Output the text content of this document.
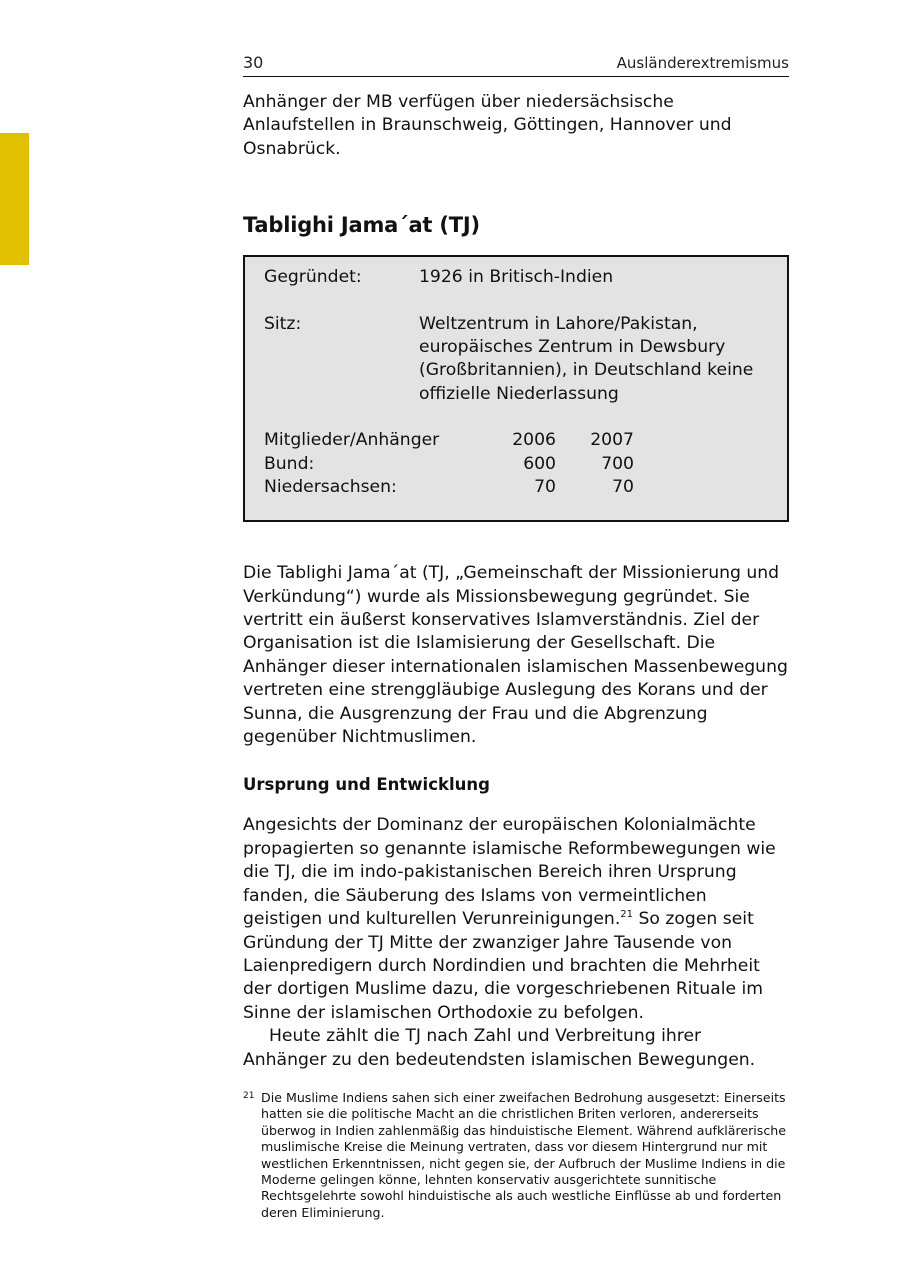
30	Ausländerextremismus

Anhänger der MB verfügen über niedersächsische Anlaufstellen in Braunschweig, Göttingen, Hannover und Osnabrück.

Tablighi Jama´at (TJ)
Gegründet:	1926 in Britisch-Indien
Sitz:	Weltzentrum in Lahore/Pakistan, europäisches Zentrum in Dewsbury (Großbritannien), in Deutschland keine offizielle Niederlassung
Mitglieder/Anhänger	2006	2007
Bund:	600	700
Niedersachsen:	70	70

Die Tablighi Jama´at (TJ, „Gemeinschaft der Missionierung und Verkündung“) wurde als Missionsbewegung gegründet. Sie vertritt ein äußerst konservatives Islamverständnis. Ziel der Organisation ist die Islamisierung der Gesellschaft. Die Anhänger dieser internationalen islamischen Massenbewegung vertreten eine strenggläubige Auslegung des Korans und der Sunna, die Ausgrenzung der Frau und die Abgrenzung gegenüber Nichtmuslimen.

Ursprung und Entwicklung

Angesichts der Dominanz der europäischen Kolonialmächte propagierten so genannte islamische Reformbewegungen wie die TJ, die im indo-pakistanischen Bereich ihren Ursprung fanden, die Säuberung des Islams von vermeintlichen geistigen und kulturellen Verunreinigungen.$^{21}$ So zogen seit Gründung der TJ Mitte der zwanziger Jahre Tausende von Laienpredigern durch Nordindien und brachten die Mehrheit der dortigen Muslime dazu, die vorgeschriebenen Rituale im Sinne der islamischen Orthodoxie zu befolgen.

Heute zählt die TJ nach Zahl und Verbreitung ihrer Anhänger zu den bedeutendsten islamischen Bewegungen.

21 Die Muslime Indiens sahen sich einer zweifachen Bedrohung ausgesetzt: Einerseits hatten sie die politische Macht an die christlichen Briten verloren, andererseits überwog in Indien zahlenmäßig das hinduistische Element. Während aufklärerische muslimische Kreise die Meinung vertraten, dass vor diesem Hintergrund nur mit westlichen Erkenntnissen, nicht gegen sie, der Aufbruch der Muslime Indiens in die Moderne gelingen könne, lehnten konservativ ausgerichtete sunnitische Rechtsgelehrte sowohl hinduistische als auch westliche Einflüsse ab und forderten deren Eliminierung.
